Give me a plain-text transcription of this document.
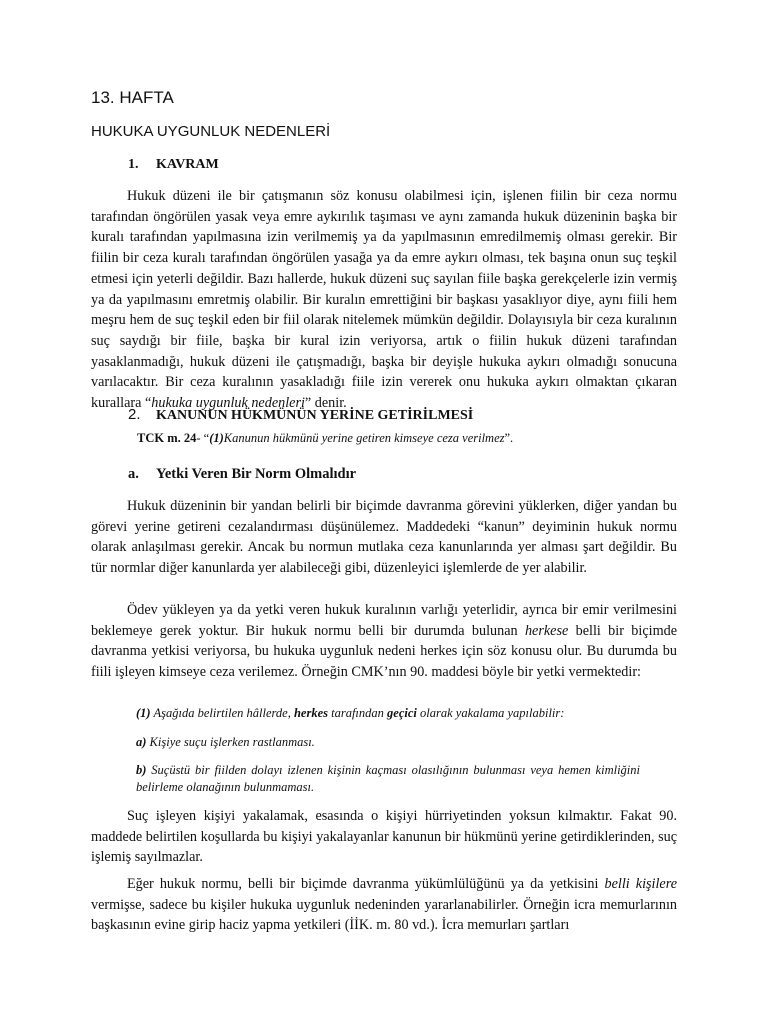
13. HAFTA
HUKUKA UYGUNLUK NEDENLERİ
1. KAVRAM
Hukuk düzeni ile bir çatışmanın söz konusu olabilmesi için, işlenen fiilin bir ceza normu tarafından öngörülen yasak veya emre aykırılık taşıması ve aynı zamanda hukuk düzeninin başka bir kuralı tarafından yapılmasına izin verilmemiş ya da yapılmasının emredilmemiş olması gerekir. Bir fiilin bir ceza kuralı tarafından öngörülen yasağa ya da emre aykırı olması, tek başına onun suç teşkil etmesi için yeterli değildir. Bazı hallerde, hukuk düzeni suç sayılan fiile başka gerekçelerle izin vermiş ya da yapılmasını emretmiş olabilir. Bir kuralın emrettiğini bir başkası yasaklıyor diye, aynı fiili hem meşru hem de suç teşkil eden bir fiil olarak nitelemek mümkün değildir. Dolayısıyla bir ceza kuralının suç saydığı bir fiile, başka bir kural izin veriyorsa, artık o fiilin hukuk düzeni tarafından yasaklanmadığı, hukuk düzeni ile çatışmadığı, başka bir deyişle hukuka aykırı olmadığı sonucuna varılacaktır. Bir ceza kuralının yasakladığı fiile izin vererek onu hukuka aykırı olmaktan çıkaran kurallara “hukuka uygunluk nedenleri” denir.
2. KANUNUN HÜKMÜNÜN YERİNE GETİRİLMESİ
TCK m. 24- “(1)Kanunun hükmünü yerine getiren kimseye ceza verilmez”.
a. Yetki Veren Bir Norm Olmalıdır
Hukuk düzeninin bir yandan belirli bir biçimde davranma görevini yüklerken, diğer yandan bu görevi yerine getireni cezalandırması düşünülemez. Maddedeki “kanun” deyiminin hukuk normu olarak anlaşılması gerekir. Ancak bu normun mutlaka ceza kanunlarında yer alması şart değildir. Bu tür normlar diğer kanunlarda yer alabileceği gibi, düzenleyici işlemlerde de yer alabilir.
Ödev yükleyen ya da yetki veren hukuk kuralının varlığı yeterlidir, ayrıca bir emir verilmesini beklemeye gerek yoktur. Bir hukuk normu belli bir durumda bulunan herkese belli bir biçimde davranma yetkisi veriyorsa, bu hukuka uygunluk nedeni herkes için söz konusu olur. Bu durumda bu fiili işleyen kimseye ceza verilemez. Örneğin CMK’nın 90. maddesi böyle bir yetki vermektedir:
(1) Aşağıda belirtilen hâllerde, herkes tarafından geçici olarak yakalama yapılabilir:
a) Kişiye suçu işlerken rastlanması.
b) Suçüstü bir fiilden dolayı izlenen kişinin kaçması olasılığının bulunması veya hemen kimliğini belirleme olanağının bulunmaması.
Suç işleyen kişiyi yakalamak, esasında o kişiyi hürriyetinden yoksun kılmaktır. Fakat 90. maddede belirtilen koşullarda bu kişiyi yakalayanlar kanunun bir hükmünü yerine getirdiklerinden, suç işlemiş sayılmazlar.
Eğer hukuk normu, belli bir biçimde davranma yükümlülüğünü ya da yetkisini belli kişilere vermişse, sadece bu kişiler hukuka uygunluk nedeninden yararlanabilirler. Örneğin icra memurlarının başkasının evine girip haciz yapma yetkileri (İİK. m. 80 vd.). İcra memurları şartları
